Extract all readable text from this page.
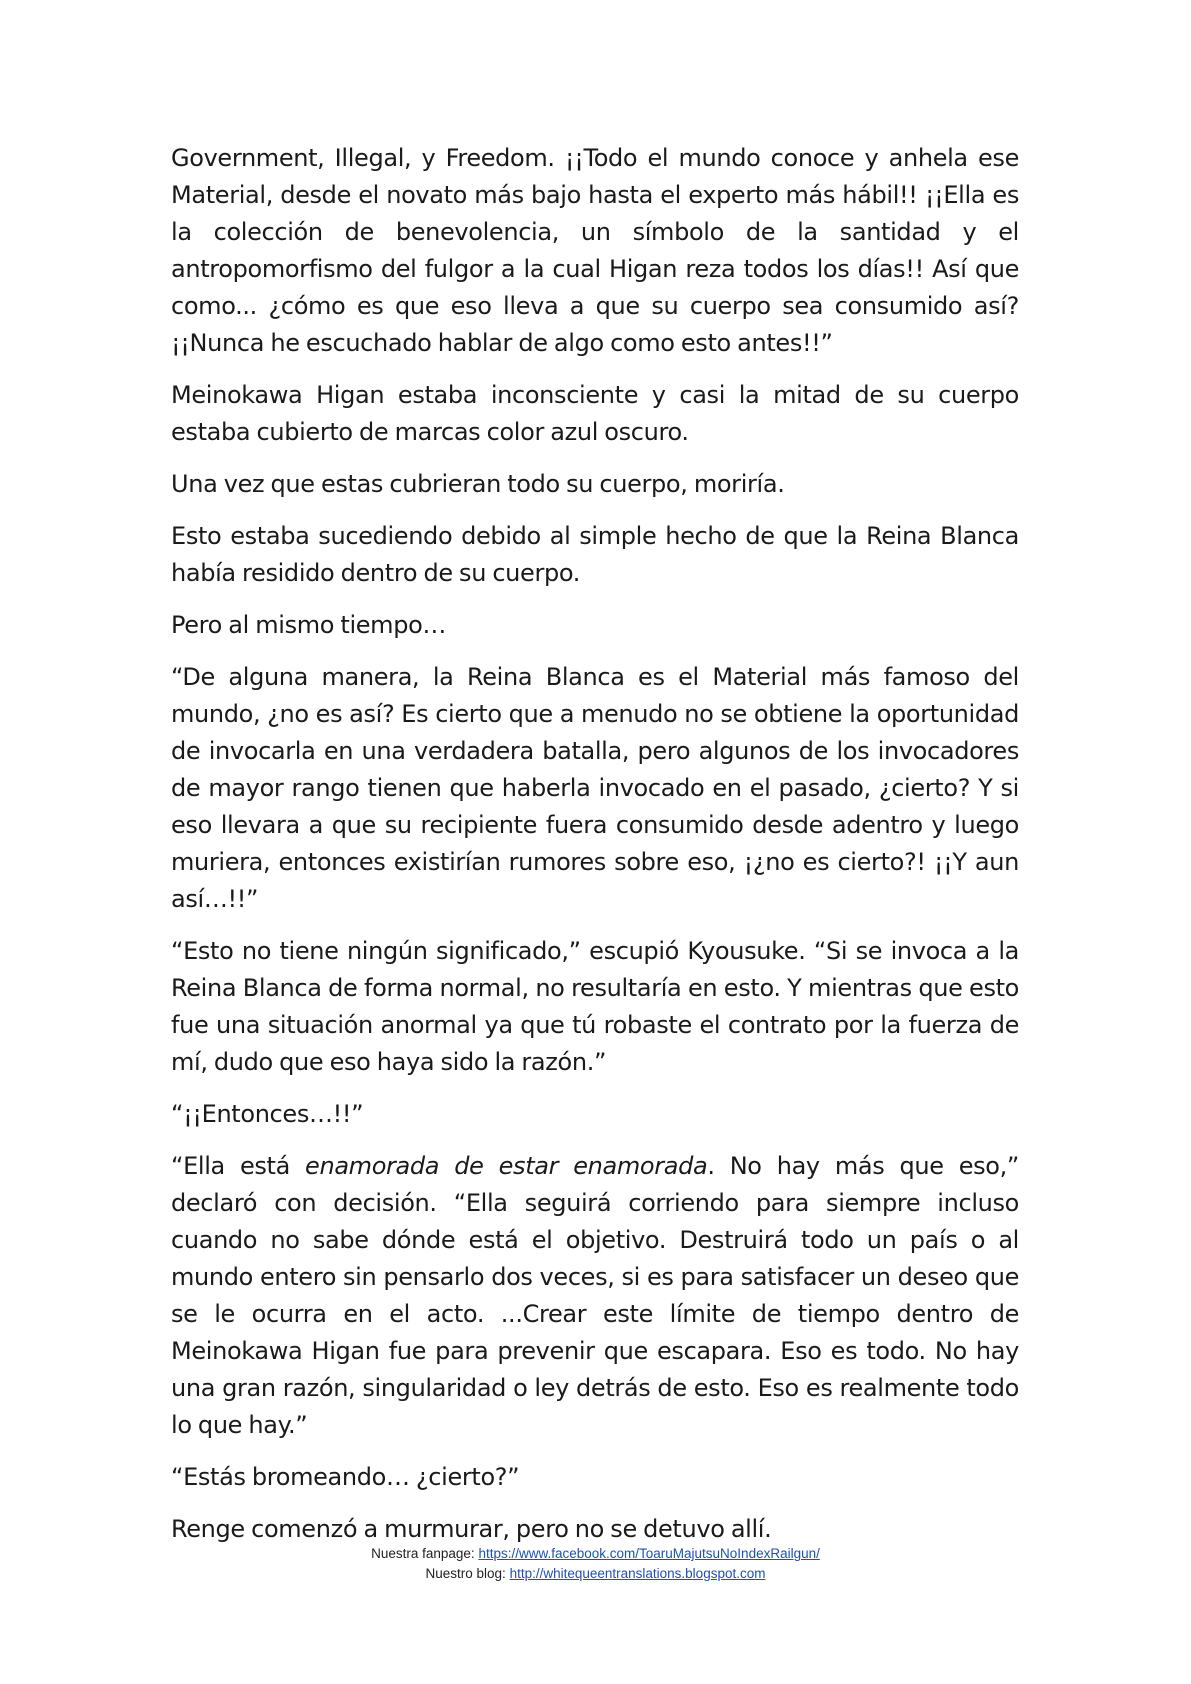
Government, Illegal, y Freedom. ¡¡Todo el mundo conoce y anhela ese Material, desde el novato más bajo hasta el experto más hábil!! ¡¡Ella es la colección de benevolencia, un símbolo de la santidad y el antropomorfismo del fulgor a la cual Higan reza todos los días!! Así que como... ¿cómo es que eso lleva a que su cuerpo sea consumido así? ¡¡Nunca he escuchado hablar de algo como esto antes!!”

Meinokawa Higan estaba inconsciente y casi la mitad de su cuerpo estaba cubierto de marcas color azul oscuro.

Una vez que estas cubrieran todo su cuerpo, moriría.

Esto estaba sucediendo debido al simple hecho de que la Reina Blanca había residido dentro de su cuerpo.

Pero al mismo tiempo…

“De alguna manera, la Reina Blanca es el Material más famoso del mundo, ¿no es así? Es cierto que a menudo no se obtiene la oportunidad de invocarla en una verdadera batalla, pero algunos de los invocadores de mayor rango tienen que haberla invocado en el pasado, ¿cierto? Y si eso llevara a que su recipiente fuera consumido desde adentro y luego muriera, entonces existirían rumores sobre eso, ¡¿no es cierto?! ¡¡Y aun así…!!”

“Esto no tiene ningún significado,” escupió Kyousuke. “Si se invoca a la Reina Blanca de forma normal, no resultaría en esto. Y mientras que esto fue una situación anormal ya que tú robaste el contrato por la fuerza de mí, dudo que eso haya sido la razón.”

“¡¡Entonces…!!”

“Ella está enamorada de estar enamorada. No hay más que eso,” declaró con decisión. “Ella seguirá corriendo para siempre incluso cuando no sabe dónde está el objetivo. Destruirá todo un país o al mundo entero sin pensarlo dos veces, si es para satisfacer un deseo que se le ocurra en el acto. ...Crear este límite de tiempo dentro de Meinokawa Higan fue para prevenir que escapara. Eso es todo. No hay una gran razón, singularidad o ley detrás de esto. Eso es realmente todo lo que hay.”

“Estás bromeando… ¿cierto?”

Renge comenzó a murmurar, pero no se detuvo allí.

Nuestra fanpage: https://www.facebook.com/ToaruMajutsuNoIndexRailgun/
Nuestro blog: http://whitequeentranslations.blogspot.com
